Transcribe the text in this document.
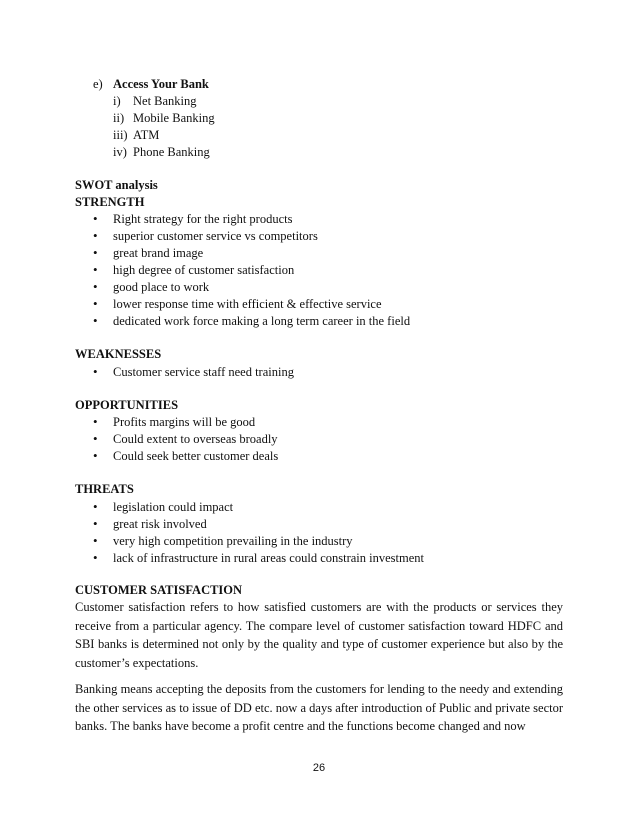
e) Access Your Bank
i) Net Banking
ii) Mobile Banking
iii) ATM
iv) Phone Banking
SWOT analysis
STRENGTH
• Right strategy for the right products
• superior customer service vs competitors
• great brand image
• high degree of customer satisfaction
• good place to work
• lower response time with efficient & effective service
• dedicated work force making a long term career in the field
WEAKNESSES
• Customer service staff need training
OPPORTUNITIES
• Profits margins will be good
• Could extent to overseas broadly
• Could seek better customer deals
THREATS
• legislation could impact
• great risk involved
• very high competition prevailing in the industry
• lack of infrastructure in rural areas could constrain investment
CUSTOMER SATISFACTION
Customer satisfaction refers to how satisfied customers are with the products or services they receive from a particular agency. The compare level of customer satisfaction toward HDFC and SBI banks is determined not only by the quality and type of customer experience but also by the customer’s expectations.
Banking means accepting the deposits from the customers for lending to the needy and extending the other services as to issue of DD etc. now a days after introduction of Public and private sector banks. The banks have become a profit centre and the functions become changed and now
26
